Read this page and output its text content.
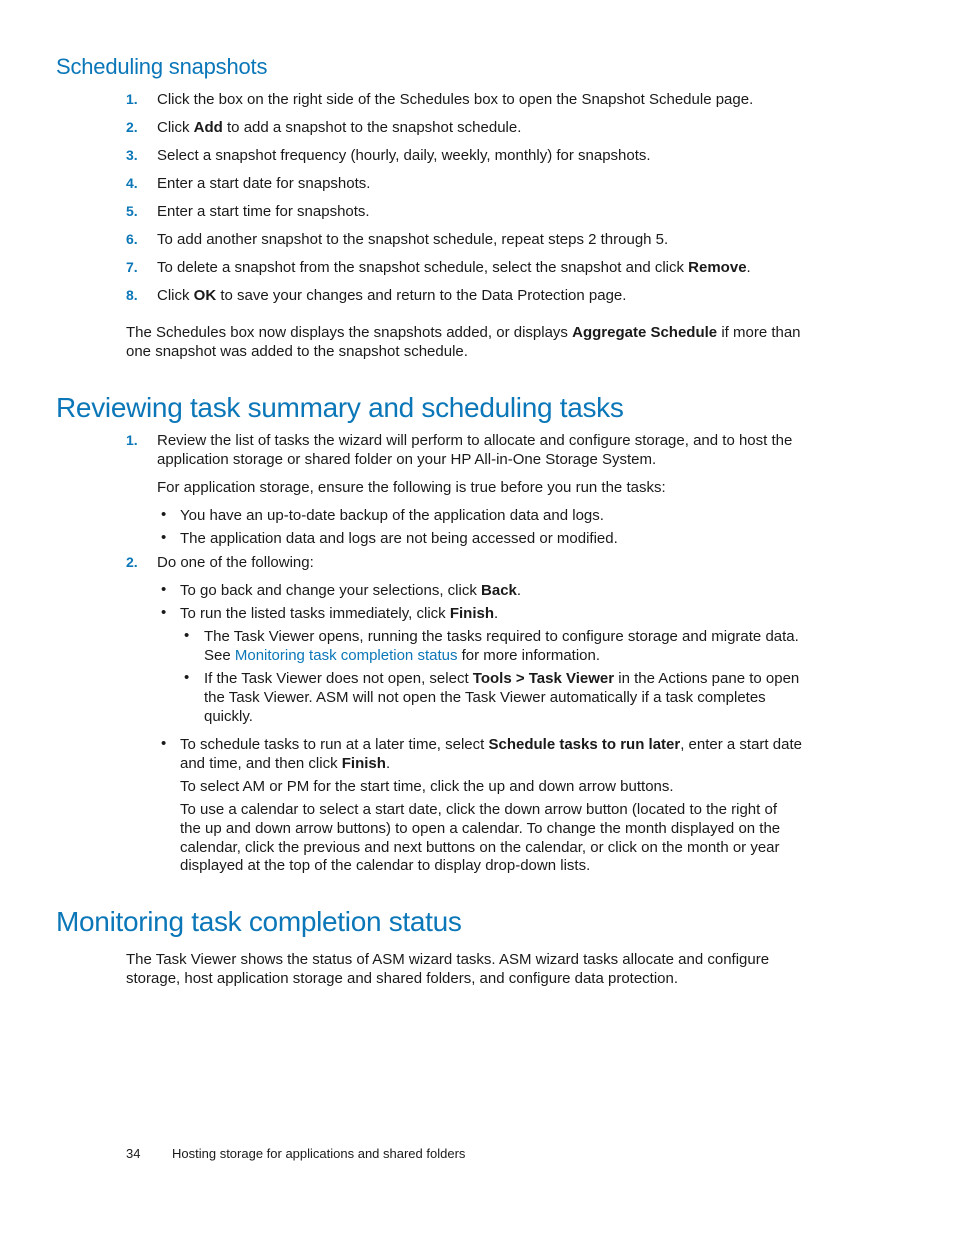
Scheduling snapshots
1. Click the box on the right side of the Schedules box to open the Snapshot Schedule page.
2. Click Add to add a snapshot to the snapshot schedule.
3. Select a snapshot frequency (hourly, daily, weekly, monthly) for snapshots.
4. Enter a start date for snapshots.
5. Enter a start time for snapshots.
6. To add another snapshot to the snapshot schedule, repeat steps 2 through 5.
7. To delete a snapshot from the snapshot schedule, select the snapshot and click Remove.
8. Click OK to save your changes and return to the Data Protection page.
The Schedules box now displays the snapshots added, or displays Aggregate Schedule if more than
one snapshot was added to the snapshot schedule.
Reviewing task summary and scheduling tasks
1. Review the list of tasks the wizard will perform to allocate and configure storage, and to host the
application storage or shared folder on your HP All-in-One Storage System.
For application storage, ensure the following is true before you run the tasks:
• You have an up-to-date backup of the application data and logs.
• The application data and logs are not being accessed or modified.
2. Do one of the following:
• To go back and change your selections, click Back.
• To run the listed tasks immediately, click Finish.
• The Task Viewer opens, running the tasks required to configure storage and migrate data.
See Monitoring task completion status for more information.
• If the Task Viewer does not open, select Tools > Task Viewer in the Actions pane to open
the Task Viewer. ASM will not open the Task Viewer automatically if a task completes
quickly.
• To schedule tasks to run at a later time, select Schedule tasks to run later, enter a start date
and time, and then click Finish.
To select AM or PM for the start time, click the up and down arrow buttons.
To use a calendar to select a start date, click the down arrow button (located to the right of
the up and down arrow buttons) to open a calendar. To change the month displayed on the
calendar, click the previous and next buttons on the calendar, or click on the month or year
displayed at the top of the calendar to display drop-down lists.
Monitoring task completion status
The Task Viewer shows the status of ASM wizard tasks. ASM wizard tasks allocate and configure
storage, host application storage and shared folders, and configure data protection.
34 Hosting storage for applications and shared folders
